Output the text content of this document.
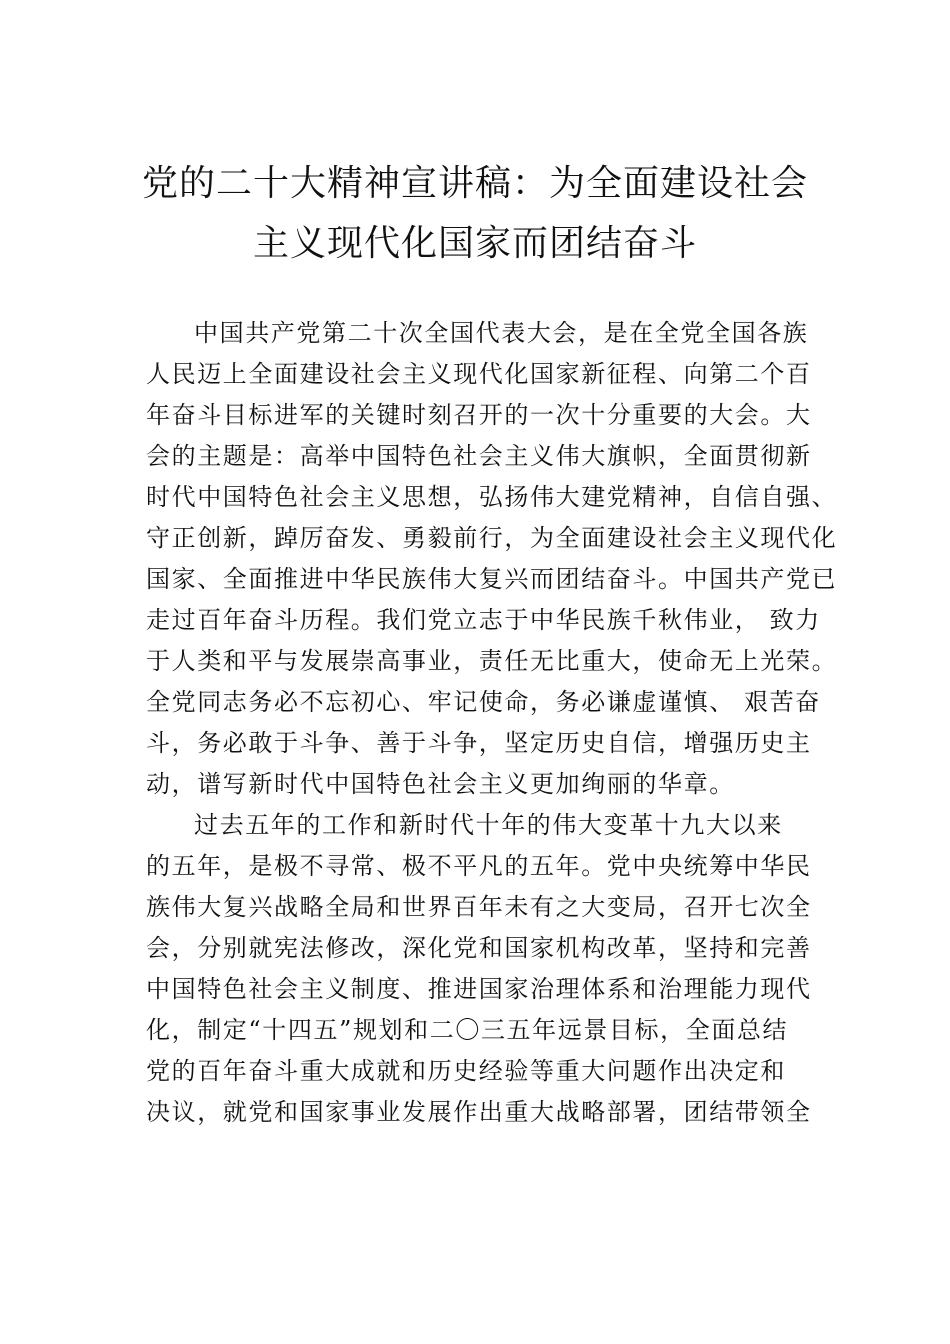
党的二十大精神宣讲稿：为全面建设社会
主义现代化国家而团结奋斗
中国共产党第二十次全国代表大会，是在全党全国各族
人民迈上全面建设社会主义现代化国家新征程、向第二个百
年奋斗目标进军的关键时刻召开的一次十分重要的大会。大
会的主题是：高举中国特色社会主义伟大旗帜，全面贯彻新
时代中国特色社会主义思想，弘扬伟大建党精神，自信自强、
守正创新，踔厉奋发、勇毅前行，为全面建设社会主义现代化
国家、全面推进中华民族伟大复兴而团结奋斗。中国共产党已
走过百年奋斗历程。我们党立志于中华民族千秋伟业， 致力
于人类和平与发展崇高事业，责任无比重大，使命无上光荣。
全党同志务必不忘初心、牢记使命，务必谦虚谨慎、 艰苦奋
斗，务必敢于斗争、善于斗争，坚定历史自信，增强历史主
动，谱写新时代中国特色社会主义更加绚丽的华章。
过去五年的工作和新时代十年的伟大变革十九大以来
的五年，是极不寻常、极不平凡的五年。党中央统筹中华民
族伟大复兴战略全局和世界百年未有之大变局，召开七次全
会，分别就宪法修改，深化党和国家机构改革，坚持和完善
中国特色社会主义制度、推进国家治理体系和治理能力现代
化，制定“十四五”规划和二〇三五年远景目标，全面总结
党的百年奋斗重大成就和历史经验等重大问题作出决定和
决议，就党和国家事业发展作出重大战略部署，团结带领全
